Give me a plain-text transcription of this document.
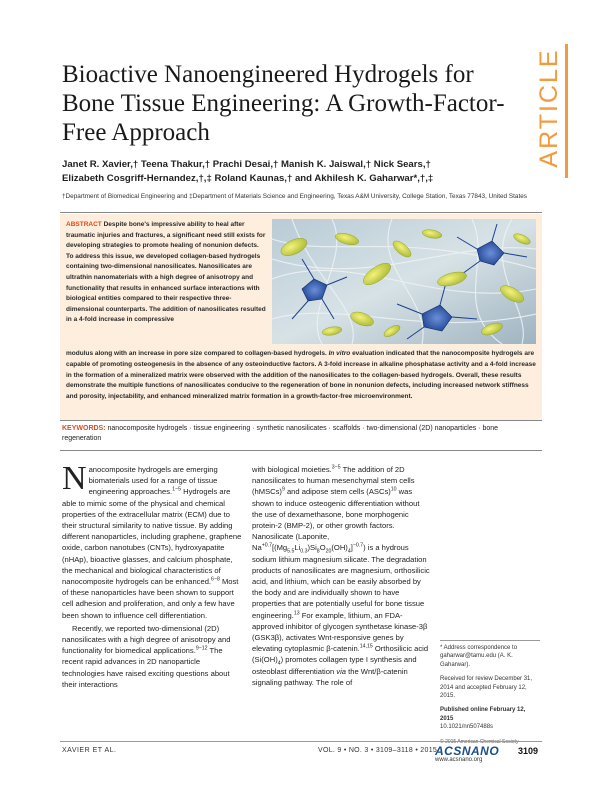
ARTICLE
Bioactive Nanoengineered Hydrogels for Bone Tissue Engineering: A Growth-Factor-Free Approach
Janet R. Xavier,† Teena Thakur,† Prachi Desai,† Manish K. Jaiswal,† Nick Sears,†
Elizabeth Cosgriff-Hernandez,†,‡ Roland Kaunas,† and Akhilesh K. Gaharwar*,†,‡
†Department of Biomedical Engineering and ‡Department of Materials Science and Engineering, Texas A&M University, College Station, Texas 77843, United States
ABSTRACT Despite bone's impressive ability to heal after traumatic injuries and fractures, a significant need still exists for developing strategies to promote healing of nonunion defects. To address this issue, we developed collagen-based hydrogels containing two-dimensional nanosilicates. Nanosilicates are ultrathin nanomaterials with a high degree of anisotropy and functionality that results in enhanced surface interactions with biological entities compared to their respective three-dimensional counterparts. The addition of nanosilicates resulted in a 4-fold increase in compressive
modulus along with an increase in pore size compared to collagen-based hydrogels. In vitro evaluation indicated that the nanocomposite hydrogels are capable of promoting osteogenesis in the absence of any osteoinductive factors. A 3-fold increase in alkaline phosphatase activity and a 4-fold increase in the formation of a mineralized matrix were observed with the addition of the nanosilicates to the collagen-based hydrogels. Overall, these results demonstrate the multiple functions of nanosilicates conducive to the regeneration of bone in nonunion defects, including increased network stiffness and porosity, injectability, and enhanced mineralized matrix formation in a growth-factor-free microenvironment.
KEYWORDS: nanocomposite hydrogels · tissue engineering · synthetic nanosilicates · scaffolds · two-dimensional (2D) nanoparticles · bone regeneration

Nanocomposite hydrogels are emerging biomaterials used for a range of tissue engineering approaches.$^{1-5}$ Hydrogels are able to mimic some of the physical and chemical properties of the extracellular matrix (ECM) due to their structural similarity to native tissue. By adding different nanoparticles, including graphene, graphene oxide, carbon nanotubes (CNTs), hydroxyapatite (nHAp), bioactive glasses, and calcium phosphate, the mechanical and biological characteristics of nanocomposite hydrogels can be enhanced.$^{6-8}$ Most of these nanoparticles have been shown to support cell adhesion and proliferation, and only a few have been shown to influence cell differentiation.

Recently, we reported two-dimensional (2D) nanosilicates with a high degree of anisotropy and functionality for biomedical applications.$^{9-12}$ The recent rapid advances in 2D nanoparticle technologies have raised exciting questions about their interactions

with biological moieties.$^{3-5}$ The addition of 2D nanosilicates to human mesenchymal stem cells (hMSCs)$^9$ and adipose stem cells (ASCs)$^{10}$ was shown to induce osteogenic differentiation without the use of dexamethasone, bone morphogenic protein-2 (BMP-2), or other growth factors. Nanosilicate (Laponite, $Na^{+0.7}[(Mg_{5.5}Li_{0.3})Si_8O_{20}(OH)_4]^{-0.7}$) is a hydrous sodium lithium magnesium silicate. The degradation products of nanosilicates are magnesium, orthosilicic acid, and lithium, which can be easily absorbed by the body and are individually shown to have properties that are potentially useful for bone tissue engineering.$^{13}$ For example, lithium, an FDA-approved inhibitor of glycogen synthetase kinase-3β (GSK3β), activates Wnt-responsive genes by elevating cytoplasmic β-catenin.$^{14,15}$ Orthosilicic acid $(Si(OH)_4)$ promotes collagen type I synthesis and osteoblast differentiation via the Wnt/β-catenin signaling pathway. The role of

* Address correspondence to gaharwar@tamu.edu (A. K. Gaharwar).

Received for review December 31, 2014 and accepted February 12, 2015.

Published online February 12, 2015
10.1021/nn507488s

XAVIER ET AL.	VOL. 9 • NO. 3 • 3109–3118 • 2015
ACSNANO
www.acsnano.org
3109
